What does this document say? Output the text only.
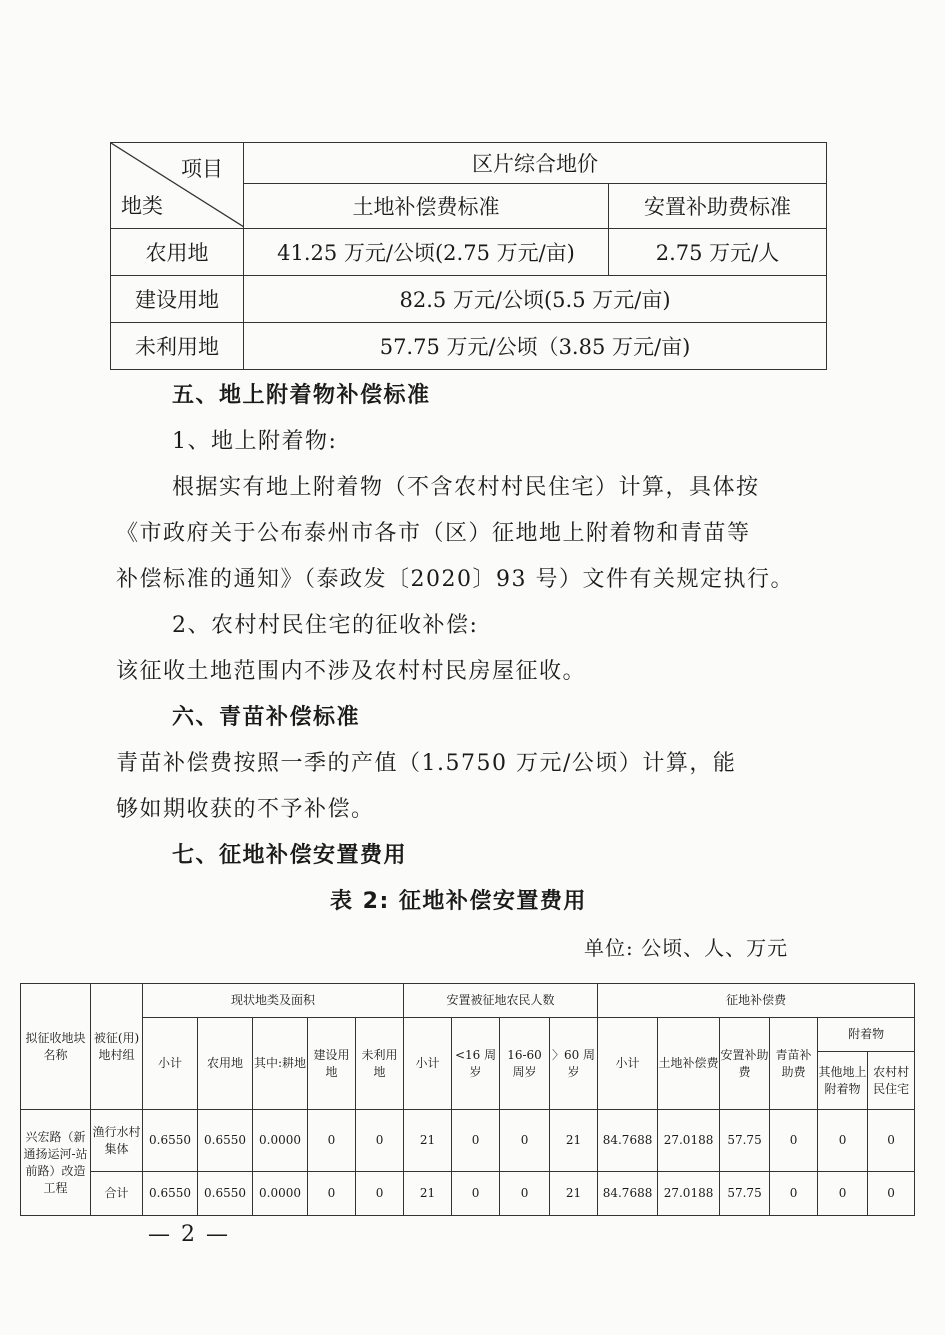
项目
地类	区片综合地价	
	土地补偿费标准	安置补助费标准
农用地	41.25 万元/公顷(2.75 万元/亩)	2.75 万元/人
建设用地	82.5 万元/公顷(5.5 万元/亩)	
未利用地	57.75 万元/公顷（3.85 万元/亩)	
五、地上附着物补偿标准
1、地上附着物:
根据实有地上附着物（不含农村村民住宅）计算，具体按
《市政府关于公布泰州市各市（区）征地地上附着物和青苗等
补偿标准的通知》（泰政发〔2020〕93 号）文件有关规定执行。
2、农村村民住宅的征收补偿:
该征收土地范围内不涉及农村村民房屋征收。
六、青苗补偿标准
青苗补偿费按照一季的产值（1.5750 万元/公顷）计算，能
够如期收获的不予补偿。
七、征地补偿安置费用
表 2: 征地补偿安置费用
单位: 公顷、人、万元
拟征收地块名称	被征(用)地村组	现状地类及面积					安置被征地农民人数				征地补偿费					
		小计	农用地	其中:耕地	建设用地	未利用地	小计	<16 周岁	16-60 周岁	〉60 周岁	小计	土地补偿费	安置补助费	青苗补助费	附着物	
															其他地上附着物	农村村民住宅
兴宏路（新通扬运河-站前路）改造工程	渔行水村集体	0.6550	0.6550	0.0000	0	0	21	0	0	21	84.7688	27.0188	57.75	0	0	0
	合计	0.6550	0.6550	0.0000	0	0	21	0	0	21	84.7688	27.0188	57.75	0	0	0
— 2 —
